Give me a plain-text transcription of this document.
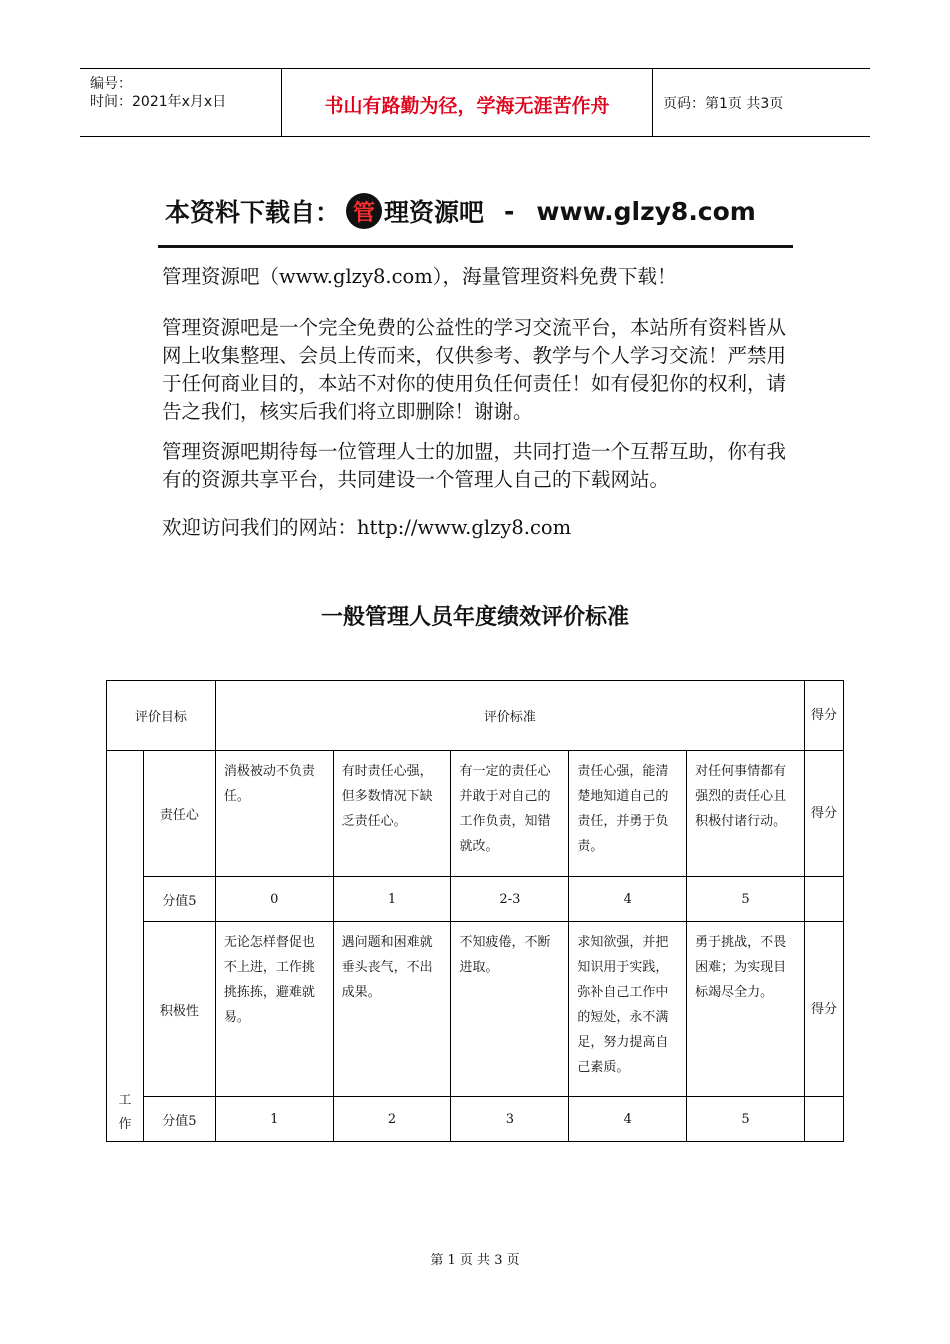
编号：
时间：2021年x月x日	书山有路勤为径，学海无涯苦作舟	页码：第1页 共3页
本资料下载自： 管 理资源吧 - www.glzy8.com

管理资源吧（www.glzy8.com），海量管理资料免费下载！

管理资源吧是一个完全免费的公益性的学习交流平台，本站所有资料皆从网上收集整理、会员上传而来，仅供参考、教学与个人学习交流！严禁用于任何商业目的，本站不对你的使用负任何责任！如有侵犯你的权利，请告之我们，核实后我们将立即删除！谢谢。

管理资源吧期待每一位管理人士的加盟，共同打造一个互帮互助，你有我有的资源共享平台，共同建设一个管理人自己的下载网站。

欢迎访问我们的网站：http://www.glzy8.com

一般管理人员年度绩效评价标准
评价目标		评价标准					得分

工作	责任心	消极被动不负责任。	有时责任心强，但多数情况下缺乏责任心。	有一定的责任心并敢于对自己的工作负责，知错就改。	责任心强，能清楚地知道自己的责任，并勇于负责。	对任何事情都有强烈的责任心且积极付诸行动。	得分

	分值5	0	1	2-3	4	5	
	积极性	无论怎样督促也不上进，工作挑挑拣拣，避难就易。	遇问题和困难就垂头丧气，不出成果。	不知疲倦，不断进取。	求知欲强，并把知识用于实践，弥补自己工作中的短处，永不满足，努力提高自己素质。	勇于挑战，不畏困难；为实现目标竭尽全力。	得分

	分值5	1	2	3	4	5	
第 1 页 共 3 页
